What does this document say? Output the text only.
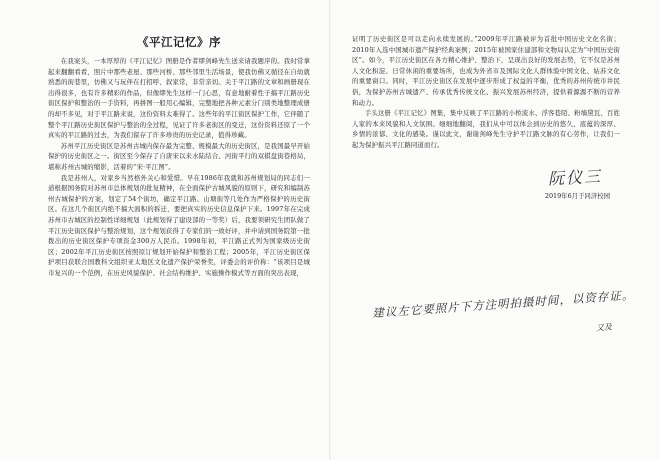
《平江记忆》序

在我案头，一本厚厚的《平江记忆》图册是作者缪剑峰先生送来请我题序的。我时常拿起来翻翻看看，照片中那些老屋、那些河桥、那些邻里生活场景，使我仿佛又循径在自幼就熟悉的街巷里，仿佛又与玩伴在打招呼、叙家常，非常亲切。关于平江路的文章和画册现在出得很多，也有许多精彩的作品，但像缪先生这样一门心思，有意地耐着性子搞平江路历史街区保护和整治的一手资料，再拼图一般用心编辑，完整地把各种元素分门别类地整理成册的却不多见，对于平江路来说，这份资料太难得了。这些年的平江街区保护工作，它伴随了整个平江路历史街区保护与整治的全过程，见证了许多老街区的变迁，这份资料还原了一个真实的平江路的过去，为我们留存了许多珍贵的历史记录，值得珍藏。

苏州平江历史街区是苏州古城内保存最为完整、规模最大的历史街区，是我国最早开始保护的历史街区之一。街区至今保存了自唐宋以来水陆结合、河街平行的双棋盘街巷格局，堪称苏州古城的缩影，活着的“宋·平江图”。

我是苏州人，对家乡当然格外关心和爱惜。早在1986年我就和苏州规划局的同志们一道根据国务院对苏州市总体规划的批复精神，在全面保护古城风貌的原则下，研究和编制苏州古城保护的方案，划定了54个街坊，确定平江路、山塘街等几处作为严格保护的历史街区。在这几个街区内绝不搞大面积的拆迁，要把真实的历史信息保护下来。1997年在完成苏州市古城区的控制性详细规划（此规划得了建设部的一等奖）后，我要领研究生团队做了平江历史街区保护与整治规划，这个规划获得了专家们的一致好评，并申请到国务院第一批拨出的历史街区保护专项资金300万人民币。1998年初，平江路正式列为国家级历史街区；2002年平江历史街区按照原订规划开始保护和整治工程；2005年，平江历史街区保护项目获联合国教科文组织亚太地区文化遗产保护荣誉奖，评委会的评价称：“该项目是城市复兴的一个范例，在历史风貌保护、社会结构维护、实施操作模式等方面的突出表现，

证明了历史街区是可以走向永续发展的。”2009年平江路被评为首批中国历史文化名街；2010年入选中国城市遗产保护经典案例；2015年被国家住建部和文物局认定为“中国历史街区”。如今，平江历史街区在各方精心维护、整治下，呈现出良好的发展态势，它不仅是苏州人文化积淀、日常休闲的重要场所，也成为外省市及国际文化人群体验中国文化、姑苏文化的重要窗口。同时，平江历史街区在发展中逐步形成了权益的平衡，优秀的苏州传统市井民俗，为保护苏州古城遗产、传承优秀传统文化、振兴发展苏州经济，提供着源源不断的营养和动力。

手头这册《平江记忆》图集，集中反映了平江路的小桥流水、浮客巷陌、粉墙黛瓦、百姓人家的本来风貌和人文氛围。细细地翻阅，我们从中可以体会到历史的悠久、底蕴的深厚、乡情的浓郁、文化的感染。谨以此文，谢谢剑峰先生守护平江路文脉的有心劳作，让我们一起为保护振兴平江路同道而行。

阮仪三
2019年6月于同济校园
建议左它要照片下方注明拍摄时间，以资存证。
又及
